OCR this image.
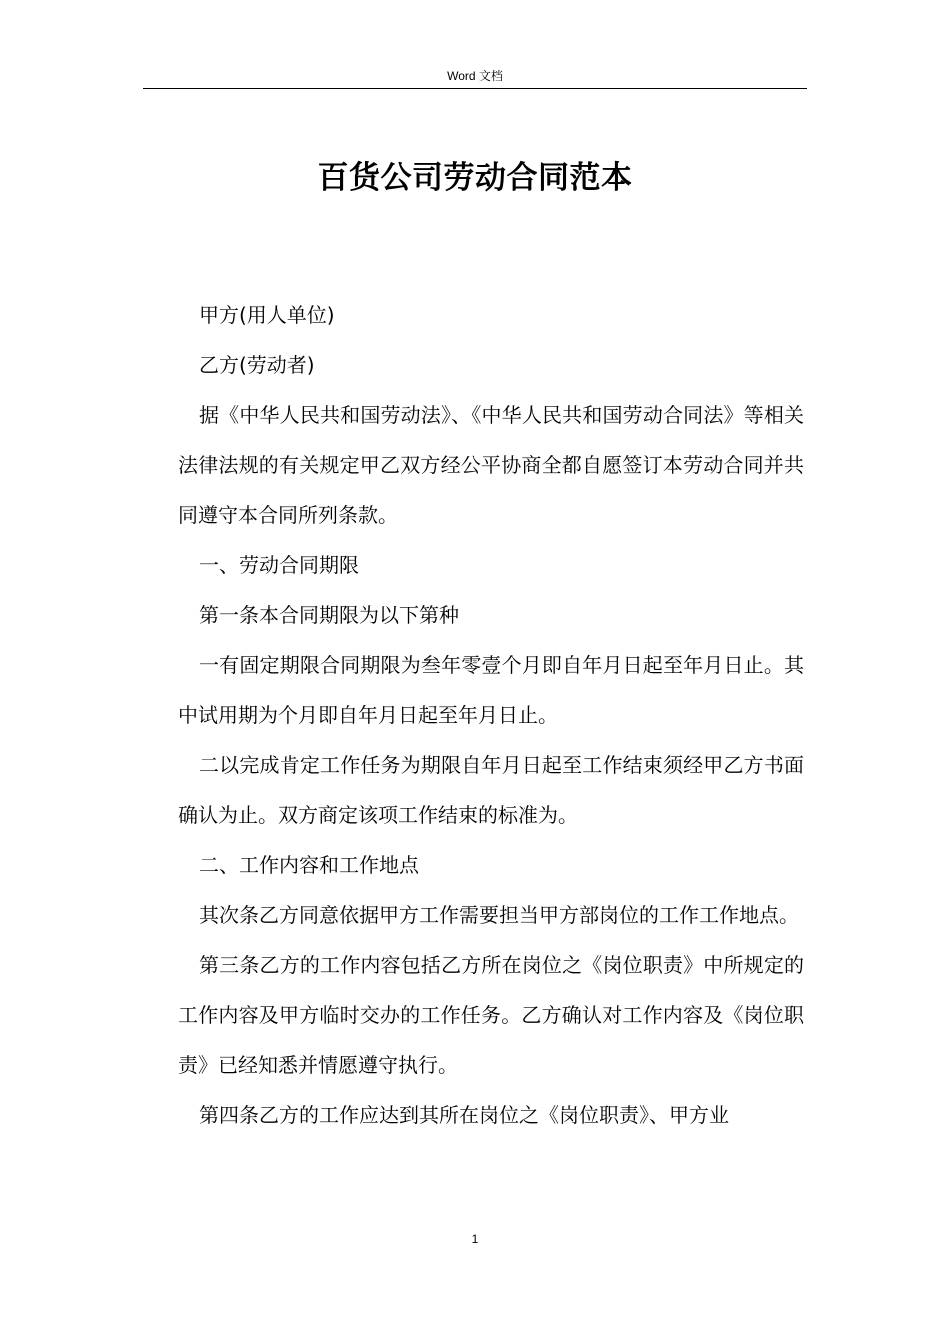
Word 文档
百货公司劳动合同范本

甲方(用人单位)

乙方(劳动者)

据《中华人民共和国劳动法》、《中华人民共和国劳动合同法》等相关法律法规的有关规定甲乙双方经公平协商全都自愿签订本劳动合同并共同遵守本合同所列条款。

一、劳动合同期限

第一条本合同期限为以下第种

一有固定期限合同期限为叁年零壹个月即自年月日起至年月日止。其中试用期为个月即自年月日起至年月日止。

二以完成肯定工作任务为期限自年月日起至工作结束须经甲乙方书面确认为止。双方商定该项工作结束的标准为。

二、工作内容和工作地点

其次条乙方同意依据甲方工作需要担当甲方部岗位的工作工作地点。

第三条乙方的工作内容包括乙方所在岗位之《岗位职责》中所规定的工作内容及甲方临时交办的工作任务。乙方确认对工作内容及《岗位职责》已经知悉并情愿遵守执行。

第四条乙方的工作应达到其所在岗位之《岗位职责》、甲方业

1
